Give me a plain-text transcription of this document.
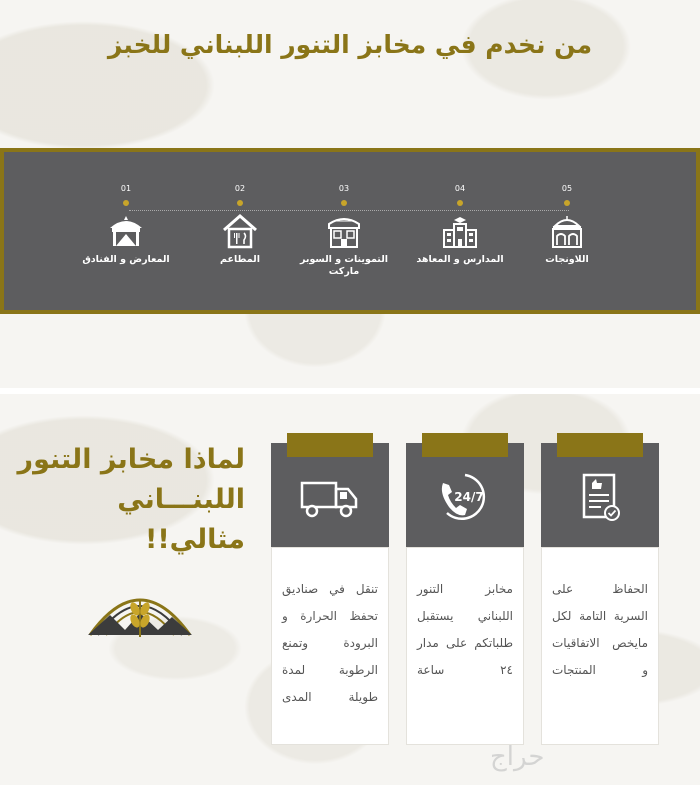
من نخدم في مخابز التنور اللبناني للخبز
01
المعارض و الفنادق
02
المطاعم
03
التموينات و السوبر ماركت
04
المدارس و المعاهد
05
اللاونجات
لماذا مخابز التنور
اللبنـــاني مثالي!!
تنقل في صناديق تحفظ الحرارة و البرودة وتمنع الرطوبة لمدة طويلة المدى
24/7
مخابز التنور اللبناني يستقبل طلباتكم على مدار ٢٤ ساعة
الحفاظ على السرية التامة لكل مايخص الاتفاقيات و المنتجات
حراج
